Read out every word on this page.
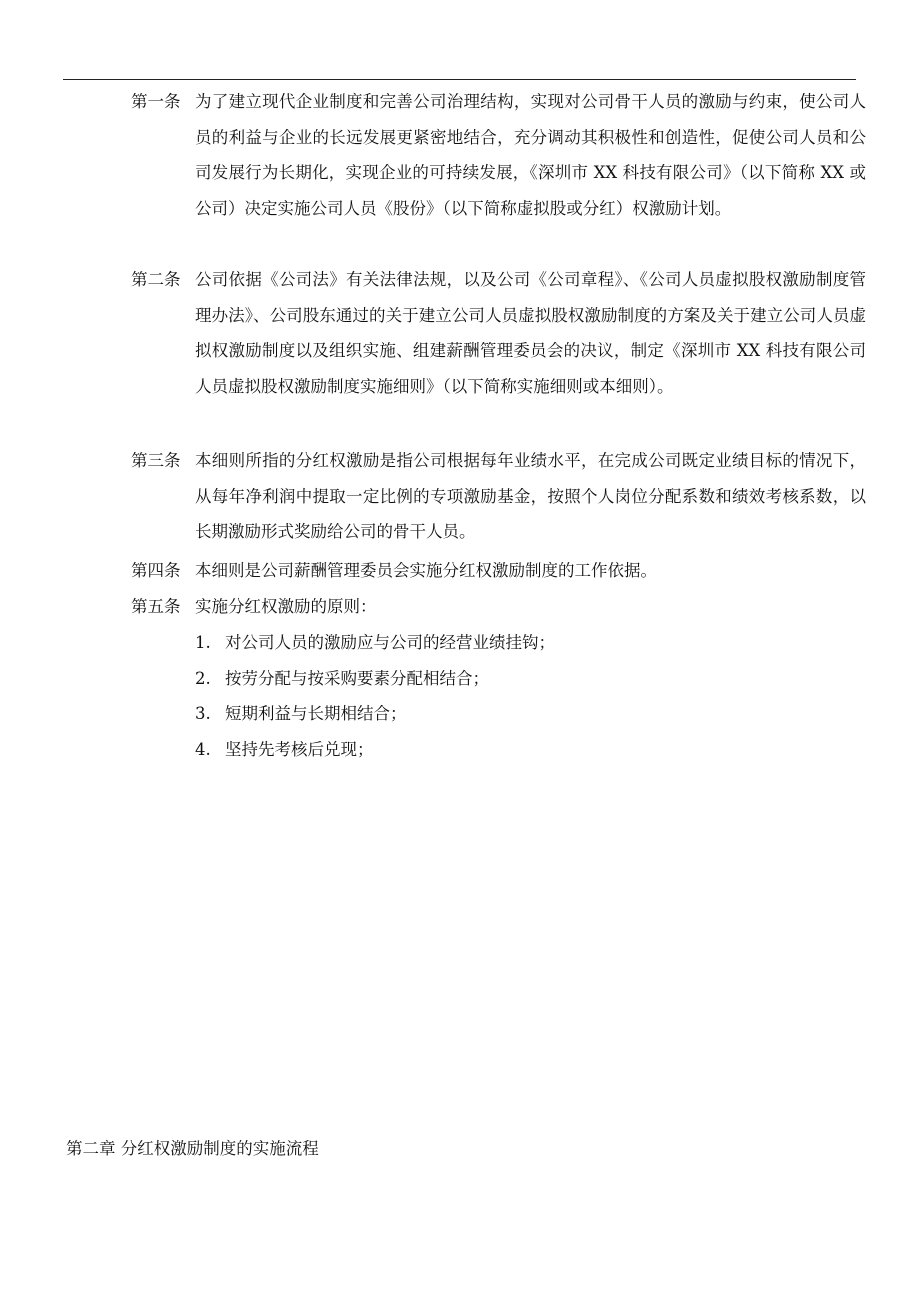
第一条 为了建立现代企业制度和完善公司治理结构，实现对公司骨干人员的激励与约束，使公司人员的利益与企业的长远发展更紧密地结合，充分调动其积极性和创造性，促使公司人员和公司发展行为长期化，实现企业的可持续发展，《深圳市 XX 科技有限公司》（以下简称 XX 或公司）决定实施公司人员《股份》（以下简称虚拟股或分红）权激励计划。
第二条 公司依据《公司法》有关法律法规，以及公司《公司章程》、《公司人员虚拟股权激励制度管理办法》、公司股东通过的关于建立公司人员虚拟股权激励制度的方案及关于建立公司人员虚拟权激励制度以及组织实施、组建薪酬管理委员会的决议，制定《深圳市 XX 科技有限公司人员虚拟股权激励制度实施细则》（以下简称实施细则或本细则）。
第三条 本细则所指的分红权激励是指公司根据每年业绩水平，在完成公司既定业绩目标的情况下，从每年净利润中提取一定比例的专项激励基金，按照个人岗位分配系数和绩效考核系数，以长期激励形式奖励给公司的骨干人员。
第四条 本细则是公司薪酬管理委员会实施分红权激励制度的工作依据。
第五条 实施分红权激励的原则：
1. 对公司人员的激励应与公司的经营业绩挂钩；
2. 按劳分配与按采购要素分配相结合；
3. 短期利益与长期相结合；
4. 坚持先考核后兑现；
第二章 分红权激励制度的实施流程
